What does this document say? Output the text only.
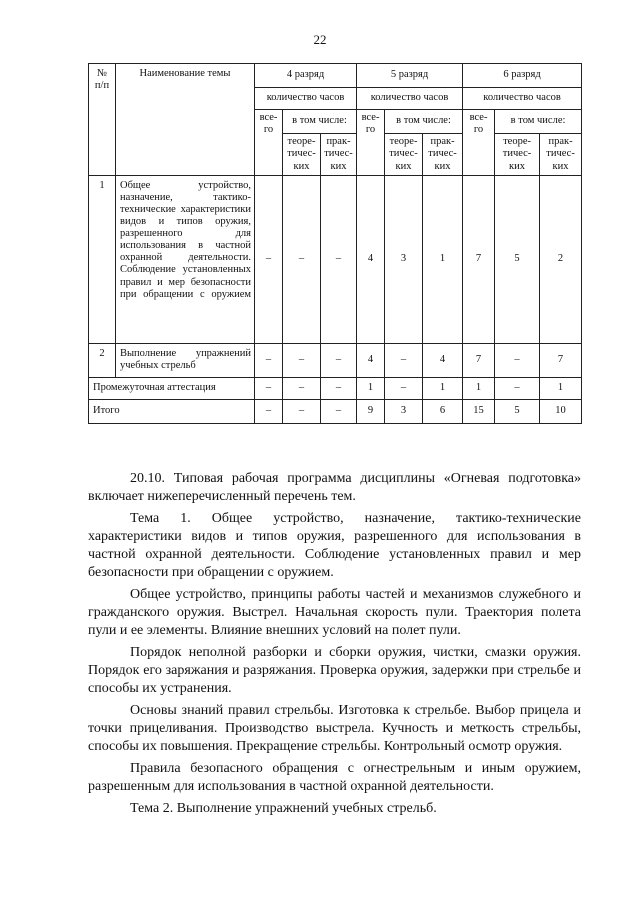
22
№ п/п	Наименование темы	4 разряд			5 разряд			6 разряд		
		количество часов			количество часов			количество часов		
		все-го	в том числе:		все-го	в том числе:		все-го	в том числе:	
			теоре-тичес-ких	прак-тичес-ких		теоре-тичес-ких	прак-тичес-ких		теоре-тичес-ких	прак-тичес-ких
1	Общее устройство, назначение, тактико-технические характеристики видов и типов оружия, разрешенного для использования в частной охранной деятельности. Соблюдение установленных правил и мер безопасности при обращении с оружием	–	–	–	4	3	1	7	5	2
2	Выполнение упражнений учебных стрельб	–	–	–	4	–	4	7	–	7
Промежуточная аттестация		–	–	–	1	–	1	1	–	1
Итого		–	–	–	9	3	6	15	5	10

20.10. Типовая рабочая программа дисциплины «Огневая подготовка» включает нижеперечисленный перечень тем.

Тема 1. Общее устройство, назначение, тактико-технические характеристики видов и типов оружия, разрешенного для использования в частной охранной деятельности. Соблюдение установленных правил и мер безопасности при обращении с оружием.

Общее устройство, принципы работы частей и механизмов служебного и гражданского оружия. Выстрел. Начальная скорость пули. Траектория полета пули и ее элементы. Влияние внешних условий на полет пули.

Порядок неполной разборки и сборки оружия, чистки, смазки оружия. Порядок его заряжания и разряжания. Проверка оружия, задержки при стрельбе и способы их устранения.

Основы знаний правил стрельбы. Изготовка к стрельбе. Выбор прицела и точки прицеливания. Производство выстрела. Кучность и меткость стрельбы, способы их повышения. Прекращение стрельбы. Контрольный осмотр оружия.

Правила безопасного обращения с огнестрельным и иным оружием, разрешенным для использования в частной охранной деятельности.

Тема 2. Выполнение упражнений учебных стрельб.
